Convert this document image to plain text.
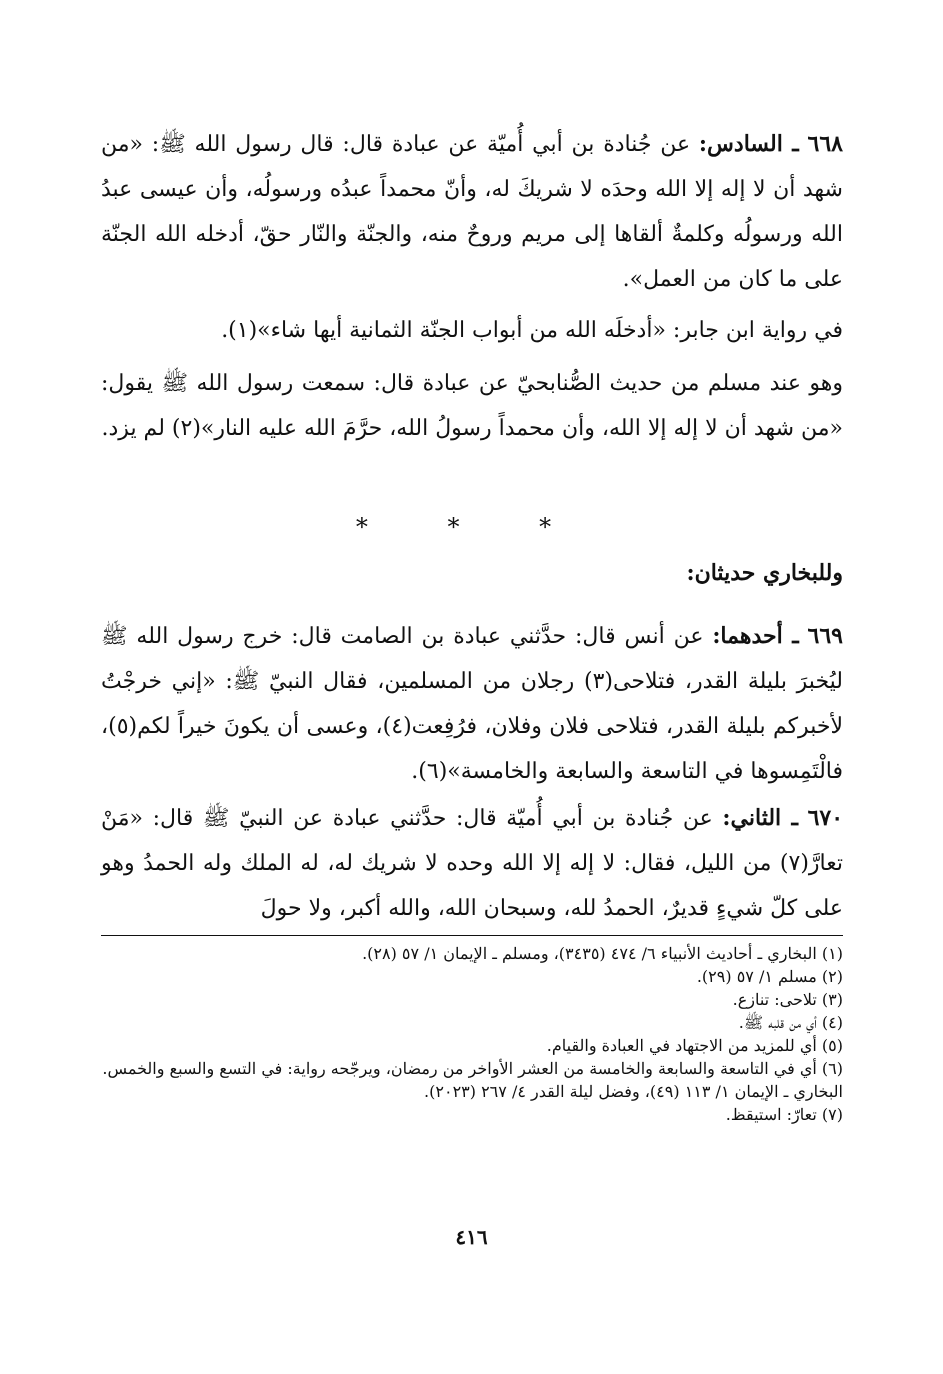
٦٦٨ ـ السادس: عن جُنادة بن أبي أُميّة عن عبادة قال: قال رسول الله ﷺ: «من شهد أن لا إله إلا الله وحدَه لا شريكَ له، وأنّ محمداً عبدُه ورسولُه، وأن عيسى عبدُ الله ورسولُه وكلمةٌ ألقاها إلى مريم وروحٌ منه، والجنّة والنّار حقّ، أدخله الله الجنّة على ما كان من العمل».

في رواية ابن جابر: «أدخلَه الله من أبواب الجنّة الثمانية أيها شاء»(١).

وهو عند مسلم من حديث الصُّنابحيّ عن عبادة قال: سمعت رسول الله ﷺ يقول: «من شهد أن لا إله إلا الله، وأن محمداً رسولُ الله، حرَّمَ الله عليه النار»(٢) لم يزد.

* * *
وللبخاري حديثان:

٦٦٩ ـ أحدهما: عن أنس قال: حدَّثني عبادة بن الصامت قال: خرج رسول الله ﷺ ليُخبرَ بليلة القدر، فتلاحى(٣) رجلان من المسلمين، فقال النبيّ ﷺ: «إني خرجْتُ لأخبركم بليلة القدر، فتلاحى فلان وفلان، فرُفِعت(٤)، وعسى أن يكونَ خيراً لكم(٥)، فالْتَمِسوها في التاسعة والسابعة والخامسة»(٦).

٦٧٠ ـ الثاني: عن جُنادة بن أبي أُميّة قال: حدَّثني عبادة عن النبيّ ﷺ قال: «مَنْ تعارَّ(٧) من الليل، فقال: لا إله إلا الله وحده لا شريك له، له الملك وله الحمدُ وهو على كلّ شيءٍ قديرٌ، الحمدُ لله، وسبحان الله، والله أكبر، ولا حولَ

(١) البخاري ـ أحاديث الأنبياء ٦/ ٤٧٤ (٣٤٣٥)، ومسلم ـ الإيمان ١/ ٥٧ (٢٨).

(٢) مسلم ١/ ٥٧ (٢٩).

(٣) تلاحى: تنازع.

(٤) أي من قلبه ﷺ.

(٥) أي للمزيد من الاجتهاد في العبادة والقيام.

(٦) أي في التاسعة والسابعة والخامسة من العشر الأواخر من رمضان، ويرجّحه رواية: في التسع والسبع والخمس. البخاري ـ الإيمان ١/ ١١٣ (٤٩)، وفضل ليلة القدر ٤/ ٢٦٧ (٢٠٢٣).

(٧) تعارّ: استيقظ.

٤١٦
